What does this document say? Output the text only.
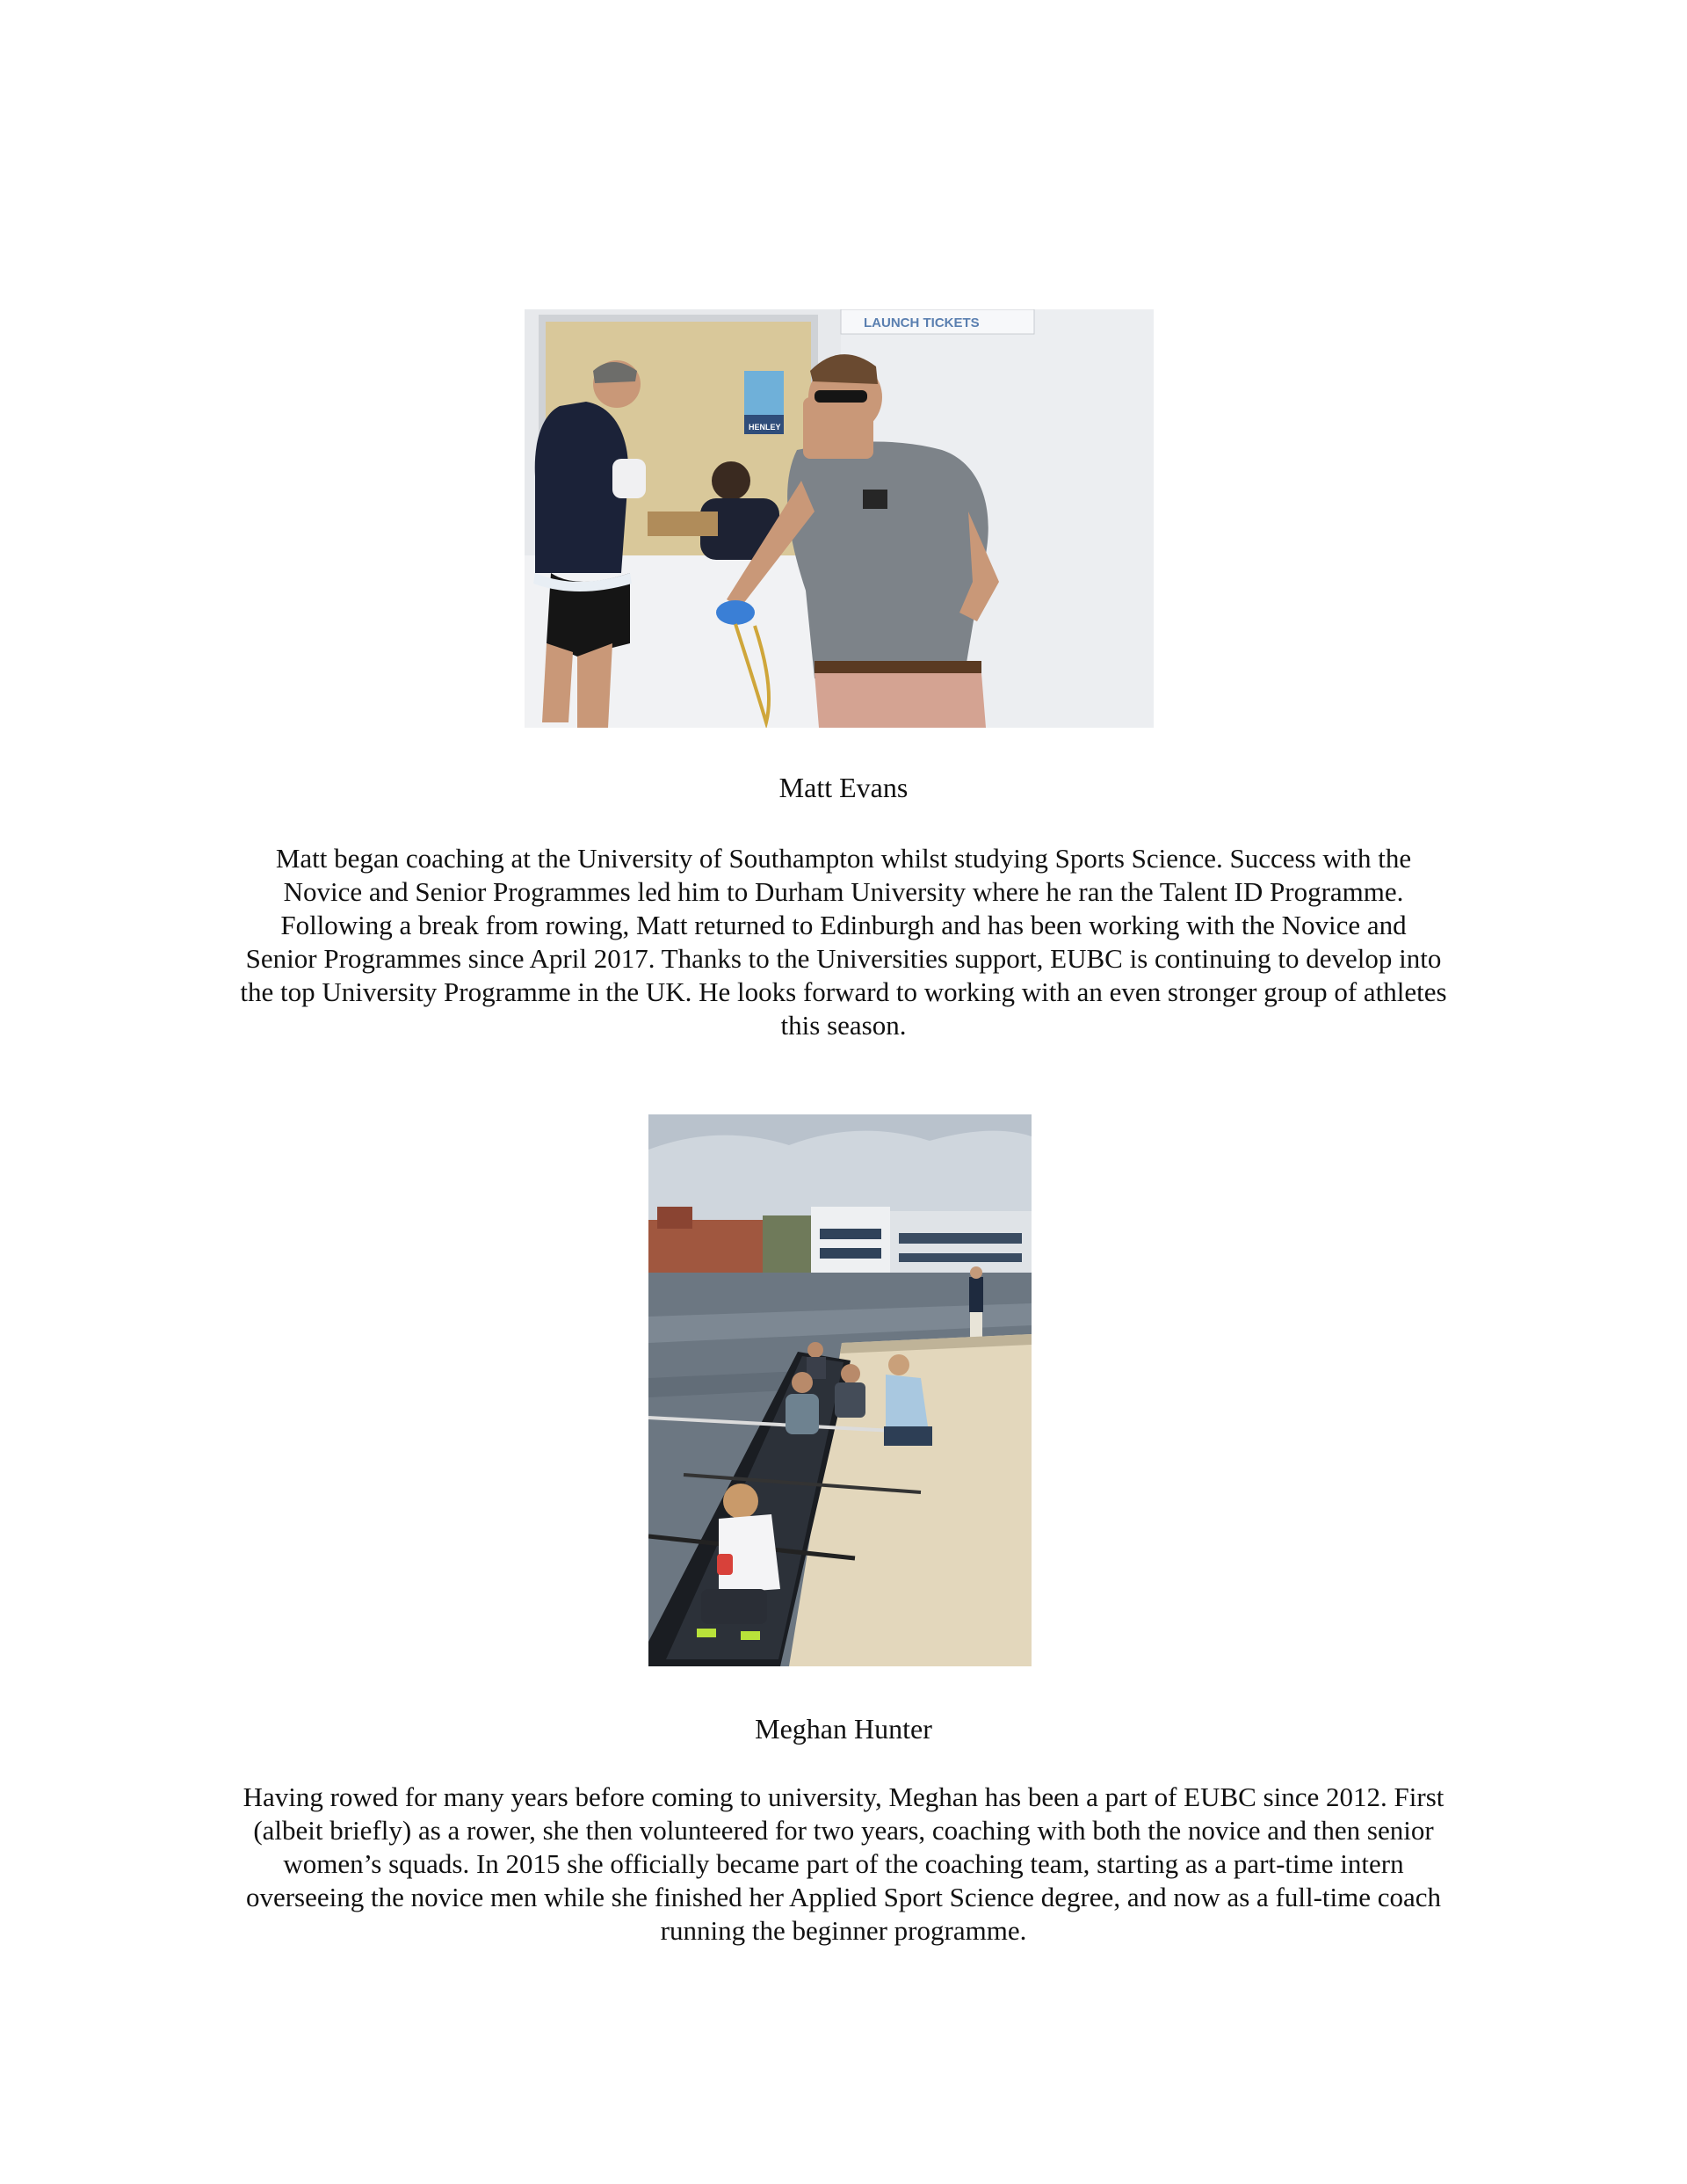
LAUNCH TICKETS
HENLEY
Matt Evans

Matt began coaching at the University of Southampton whilst studying Sports Science. Success with the
Novice and Senior Programmes led him to Durham University where he ran the Talent ID Programme.
Following a break from rowing, Matt returned to Edinburgh and has been working with the Novice and
Senior Programmes since April 2017. Thanks to the Universities support, EUBC is continuing to develop into
the top University Programme in the UK. He looks forward to working with an even stronger group of athletes
this season.

Meghan Hunter

Having rowed for many years before coming to university, Meghan has been a part of EUBC since 2012. First
(albeit briefly) as a rower, she then volunteered for two years, coaching with both the novice and then senior
women’s squads. In 2015 she officially became part of the coaching team, starting as a part-time intern
overseeing the novice men while she finished her Applied Sport Science degree, and now as a full-time coach
running the beginner programme.
